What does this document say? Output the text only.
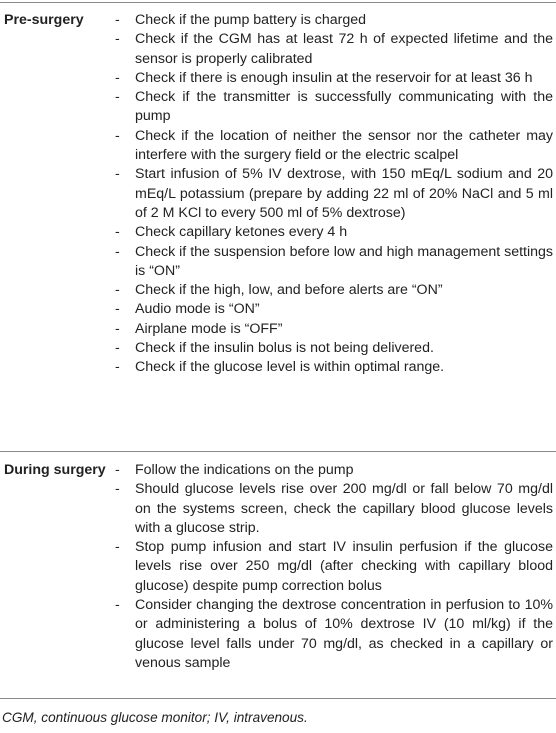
Pre-surgery - Check if the pump battery is charged
- Check if the CGM has at least 72 h of expected lifetime and the sensor is properly calibrated
- Check if there is enough insulin at the reservoir for at least 36 h
- Check if the transmitter is successfully communicating with the pump
- Check if the location of neither the sensor nor the catheter may interfere with the surgery field or the electric scalpel
- Start infusion of 5% IV dextrose, with 150 mEq/L sodium and 20 mEq/L potassium (prepare by adding 22 ml of 20% NaCl and 5 ml of 2 M KCl to every 500 ml of 5% dextrose)
- Check capillary ketones every 4 h
- Check if the suspension before low and high management settings is “ON”
- Check if the high, low, and before alerts are “ON”
- Audio mode is “ON”
- Airplane mode is “OFF”
- Check if the insulin bolus is not being delivered.
- Check if the glucose level is within optimal range.
During surgery - Follow the indications on the pump
- Should glucose levels rise over 200 mg/dl or fall below 70 mg/dl on the systems screen, check the capillary blood glucose levels with a glucose strip.
- Stop pump infusion and start IV insulin perfusion if the glucose levels rise over 250 mg/dl (after checking with capillary blood glucose) despite pump correction bolus
- Consider changing the dextrose concentration in perfusion to 10% or administering a bolus of 10% dextrose IV (10 ml/kg) if the glucose level falls under 70 mg/dl, as checked in a capillary or venous sample
CGM, continuous glucose monitor; IV, intravenous.
